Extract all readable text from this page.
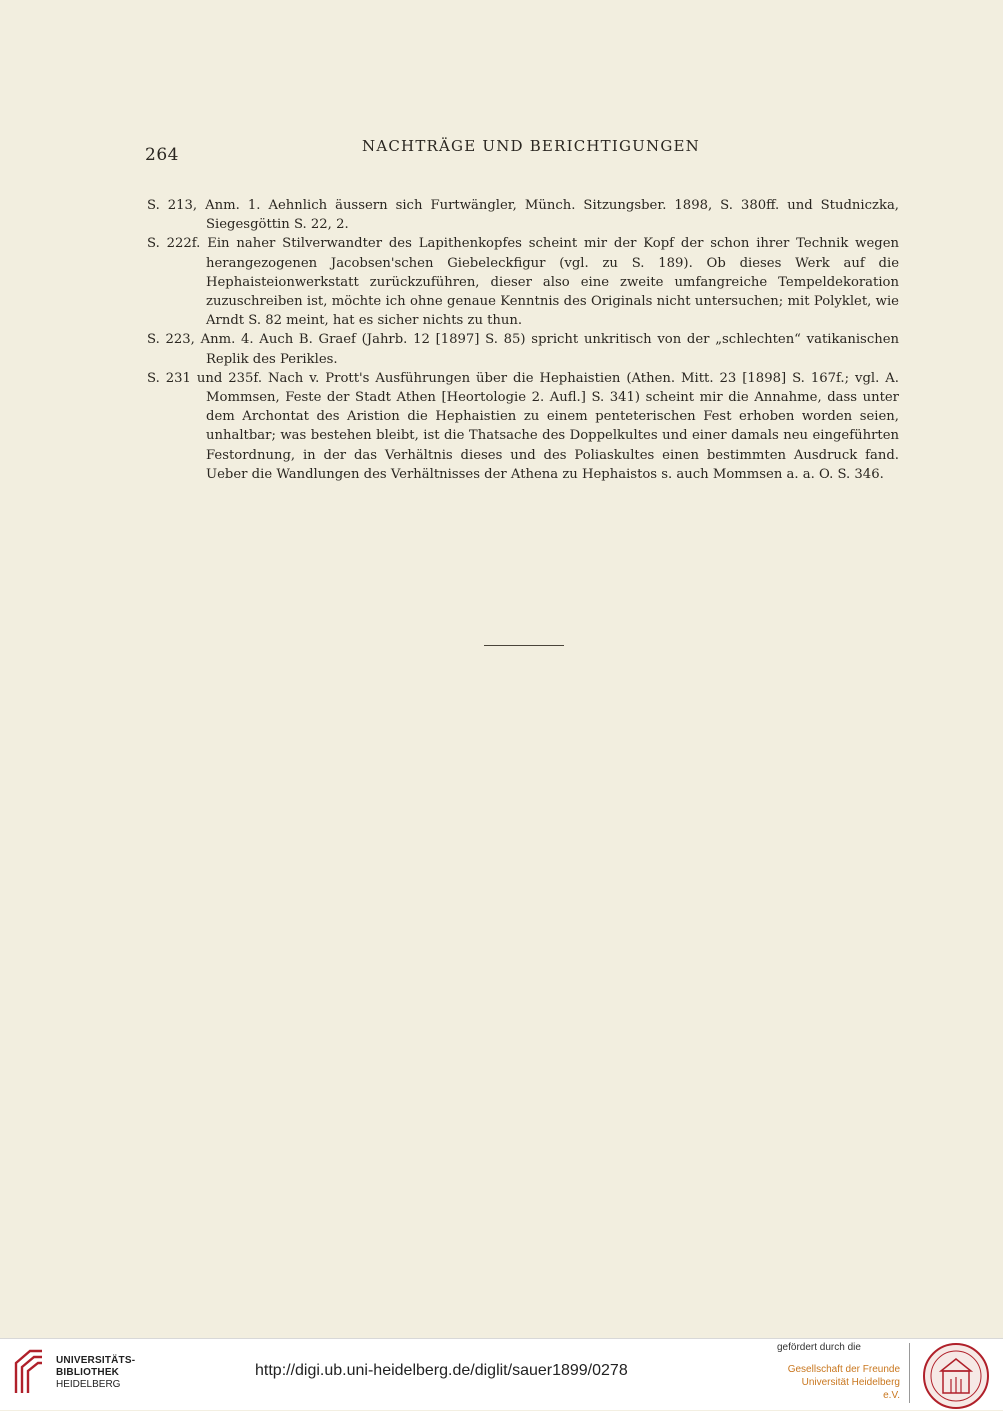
264	NACHTRÄGE UND BERICHTIGUNGEN

S. 213, Anm. 1. Aehnlich äussern sich Furtwängler, Münch. Sitzungsber. 1898, S. 380ff. und Studniczka, Siegesgöttin S. 22, 2.

S. 222f. Ein naher Stilverwandter des Lapithenkopfes scheint mir der Kopf der schon ihrer Technik wegen herangezogenen Jacobsen'schen Giebeleckfigur (vgl. zu S. 189). Ob dieses Werk auf die Hephaisteionwerkstatt zurückzuführen, dieser also eine zweite umfangreiche Tempeldekoration zuzuschreiben ist, möchte ich ohne genaue Kenntnis des Originals nicht untersuchen; mit Polyklet, wie Arndt S. 82 meint, hat es sicher nichts zu thun.

S. 223, Anm. 4. Auch B. Graef (Jahrb. 12 [1897] S. 85) spricht unkritisch von der „schlechten“ vatikanischen Replik des Perikles.

S. 231 und 235f. Nach v. Prott's Ausführungen über die Hephaistien (Athen. Mitt. 23 [1898] S. 167f.; vgl. A. Mommsen, Feste der Stadt Athen [Heortologie 2. Aufl.] S. 341) scheint mir die Annahme, dass unter dem Archontat des Aristion die Hephaistien zu einem penteterischen Fest erhoben worden seien, unhaltbar; was bestehen bleibt, ist die Thatsache des Doppelkultes und einer damals neu eingeführten Festordnung, in der das Verhältnis dieses und des Poliaskultes einen bestimmten Ausdruck fand. Ueber die Wandlungen des Verhältnisses der Athena zu Hephaistos s. auch Mommsen a. a. O. S. 346.

UNIVERSITÄTS-
BIBLIOTHEK
HEIDELBERG
http://digi.ub.uni-heidelberg.de/diglit/sauer1899/0278
gefördert durch die
Gesellschaft der Freunde
Universität Heidelberg e.V.
